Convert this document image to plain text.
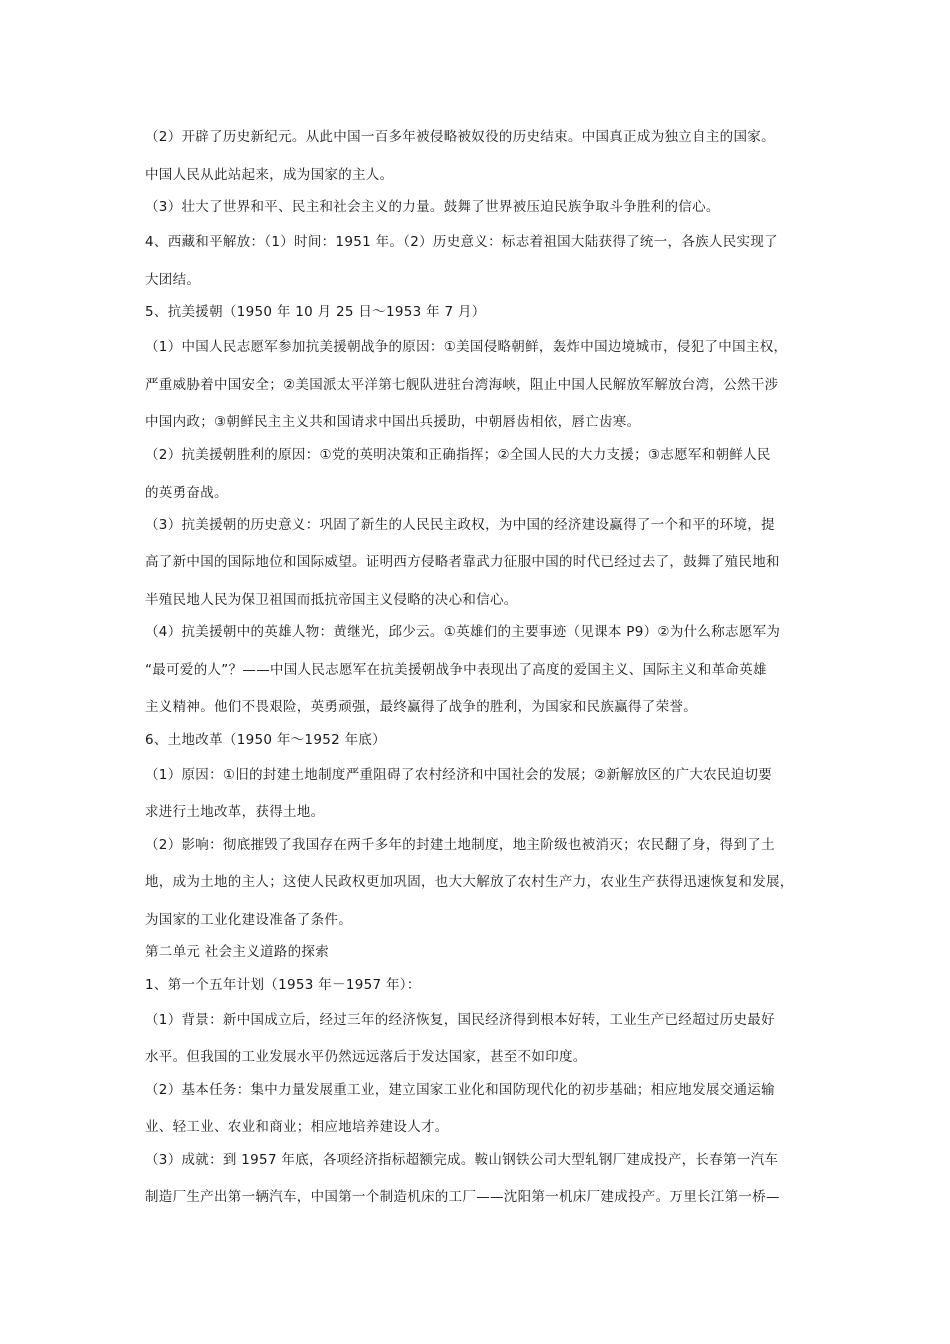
（2）开辟了历史新纪元。从此中国一百多年被侵略被奴役的历史结束。中国真正成为独立自主的国家。
中国人民从此站起来，成为国家的主人。
（3）壮大了世界和平、民主和社会主义的力量。鼓舞了世界被压迫民族争取斗争胜利的信心。
4、西藏和平解放：（1）时间：1951 年。（2）历史意义：标志着祖国大陆获得了统一，各族人民实现了
大团结。
5、抗美援朝（1950 年 10 月 25 日～1953 年 7 月）
（1）中国人民志愿军参加抗美援朝战争的原因：①美国侵略朝鲜，轰炸中国边境城市，侵犯了中国主权，
严重威胁着中国安全；②美国派太平洋第七舰队进驻台湾海峡，阻止中国人民解放军解放台湾，公然干涉
中国内政；③朝鲜民主主义共和国请求中国出兵援助，中朝唇齿相依，唇亡齿寒。
（2）抗美援朝胜利的原因：①党的英明决策和正确指挥；②全国人民的大力支援；③志愿军和朝鲜人民
的英勇奋战。
（3）抗美援朝的历史意义：巩固了新生的人民民主政权，为中国的经济建设赢得了一个和平的环境，提
高了新中国的国际地位和国际威望。证明西方侵略者靠武力征服中国的时代已经过去了，鼓舞了殖民地和
半殖民地人民为保卫祖国而抵抗帝国主义侵略的决心和信心。
（4）抗美援朝中的英雄人物：黄继光，邱少云。①英雄们的主要事迹（见课本 P9）②为什么称志愿军为
“最可爱的人”？——中国人民志愿军在抗美援朝战争中表现出了高度的爱国主义、国际主义和革命英雄
主义精神。他们不畏艰险，英勇顽强，最终赢得了战争的胜利，为国家和民族赢得了荣誉。
6、土地改革（1950 年～1952 年底）
（1）原因：①旧的封建土地制度严重阻碍了农村经济和中国社会的发展；②新解放区的广大农民迫切要
求进行土地改革，获得土地。
（2）影响：彻底摧毁了我国存在两千多年的封建土地制度，地主阶级也被消灭；农民翻了身，得到了土
地，成为土地的主人；这使人民政权更加巩固，也大大解放了农村生产力，农业生产获得迅速恢复和发展，
为国家的工业化建设准备了条件。
第二单元 社会主义道路的探索
1、第一个五年计划（1953 年－1957 年）：
（1）背景：新中国成立后，经过三年的经济恢复，国民经济得到根本好转，工业生产已经超过历史最好
水平。但我国的工业发展水平仍然远远落后于发达国家，甚至不如印度。
（2）基本任务：集中力量发展重工业，建立国家工业化和国防现代化的初步基础；相应地发展交通运输
业、轻工业、农业和商业；相应地培养建设人才。
（3）成就：到 1957 年底，各项经济指标超额完成。鞍山钢铁公司大型轧钢厂建成投产，长春第一汽车
制造厂生产出第一辆汽车，中国第一个制造机床的工厂——沈阳第一机床厂建成投产。万里长江第一桥—
